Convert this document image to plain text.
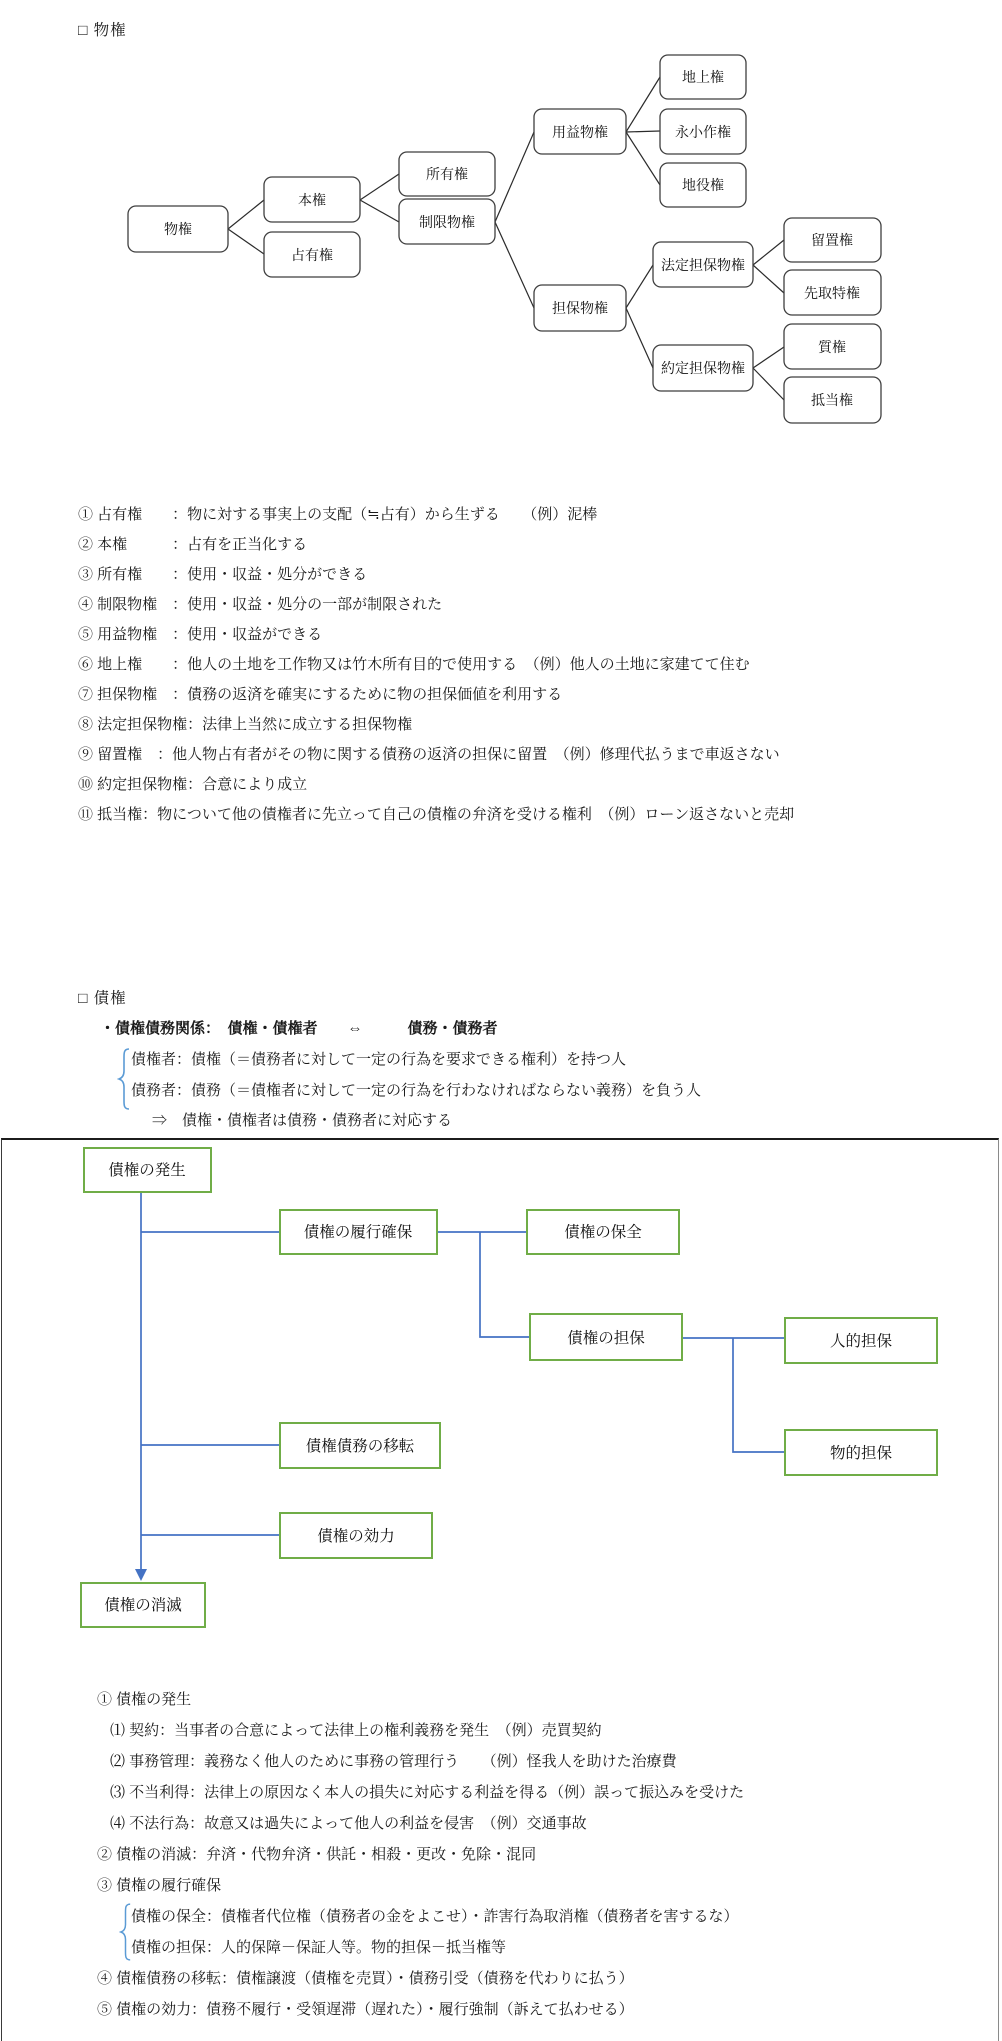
□ 物権
物権
本権
占有権
所有権
制限物権
用益物権
担保物権
地上権
永小作権
地役権
法定担保物権
約定担保物権
留置権
先取特権
質権
抵当権
① 占有権　　：物に対する事実上の支配（≒占有）から生ずる　　（例）泥棒
② 本権　　　：占有を正当化する
③ 所有権　　：使用・収益・処分ができる
④ 制限物権　：使用・収益・処分の一部が制限された
⑤ 用益物権　：使用・収益ができる
⑥ 地上権　　：他人の土地を工作物又は竹木所有目的で使用する　（例）他人の土地に家建てて住む
⑦ 担保物権　：債務の返済を確実にするために物の担保価値を利用する
⑧ 法定担保物権：法律上当然に成立する担保物権
⑨ 留置権　：他人物占有者がその物に関する債務の返済の担保に留置　（例）修理代払うまで車返さない
⑩ 約定担保物権：合意により成立
⑪ 抵当権：物について他の債権者に先立って自己の債権の弁済を受ける権利　（例）ローン返さないと売却
□ 債権
・債権債務関係：　債権・債権者　　⇔　　　債務・債務者
債権者：債権（＝債務者に対して一定の行為を要求できる権利）を持つ人
債務者：債務（＝債権者に対して一定の行為を行わなければならない義務）を負う人
⇒　債権・債権者は債務・債務者に対応する
債権の発生
債権の履行確保	債権の保全
債権の担保	人的担保
物的担保
債権債務の移転
債権の効力
債権の消滅
① 債権の発生
⑴ 契約：当事者の合意によって法律上の権利義務を発生　（例）売買契約
⑵ 事務管理：義務なく他人のために事務の管理行う　　（例）怪我人を助けた治療費
⑶ 不当利得：法律上の原因なく本人の損失に対応する利益を得る（例）誤って振込みを受けた
⑷ 不法行為：故意又は過失によって他人の利益を侵害　（例）交通事故
② 債権の消滅：弁済・代物弁済・供託・相殺・更改・免除・混同
③ 債権の履行確保
債権の保全：債権者代位権（債務者の金をよこせ）・詐害行為取消権（債務者を害するな）
債権の担保：人的保障－保証人等。物的担保－抵当権等
④ 債権債務の移転：債権譲渡（債権を売買）・債務引受（債務を代わりに払う）
⑤ 債権の効力：債務不履行・受領遅滞（遅れた）・履行強制（訴えて払わせる）
